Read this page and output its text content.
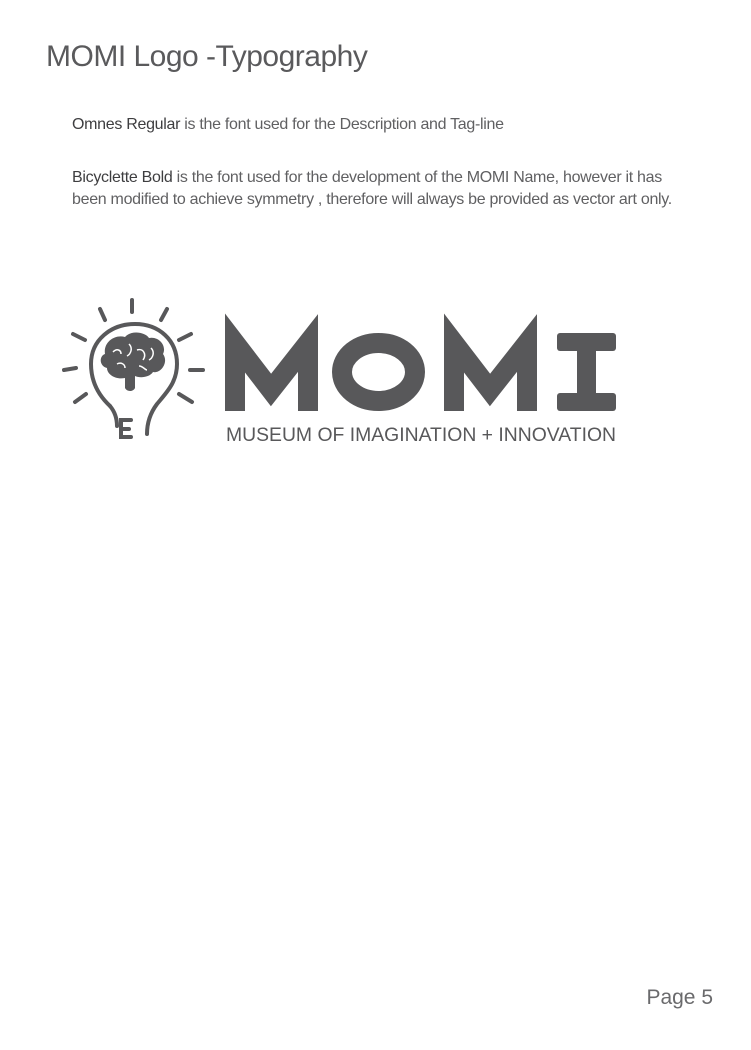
MOMI Logo -Typography
Omnes Regular is the font used for the Description and Tag-line
Bicyclette Bold is the font used for the development of the MOMI Name, however it has been modified to achieve symmetry , therefore will always be provided as vector art only.
MUSEUM OF IMAGINATION + INNOVATION
Page 5
